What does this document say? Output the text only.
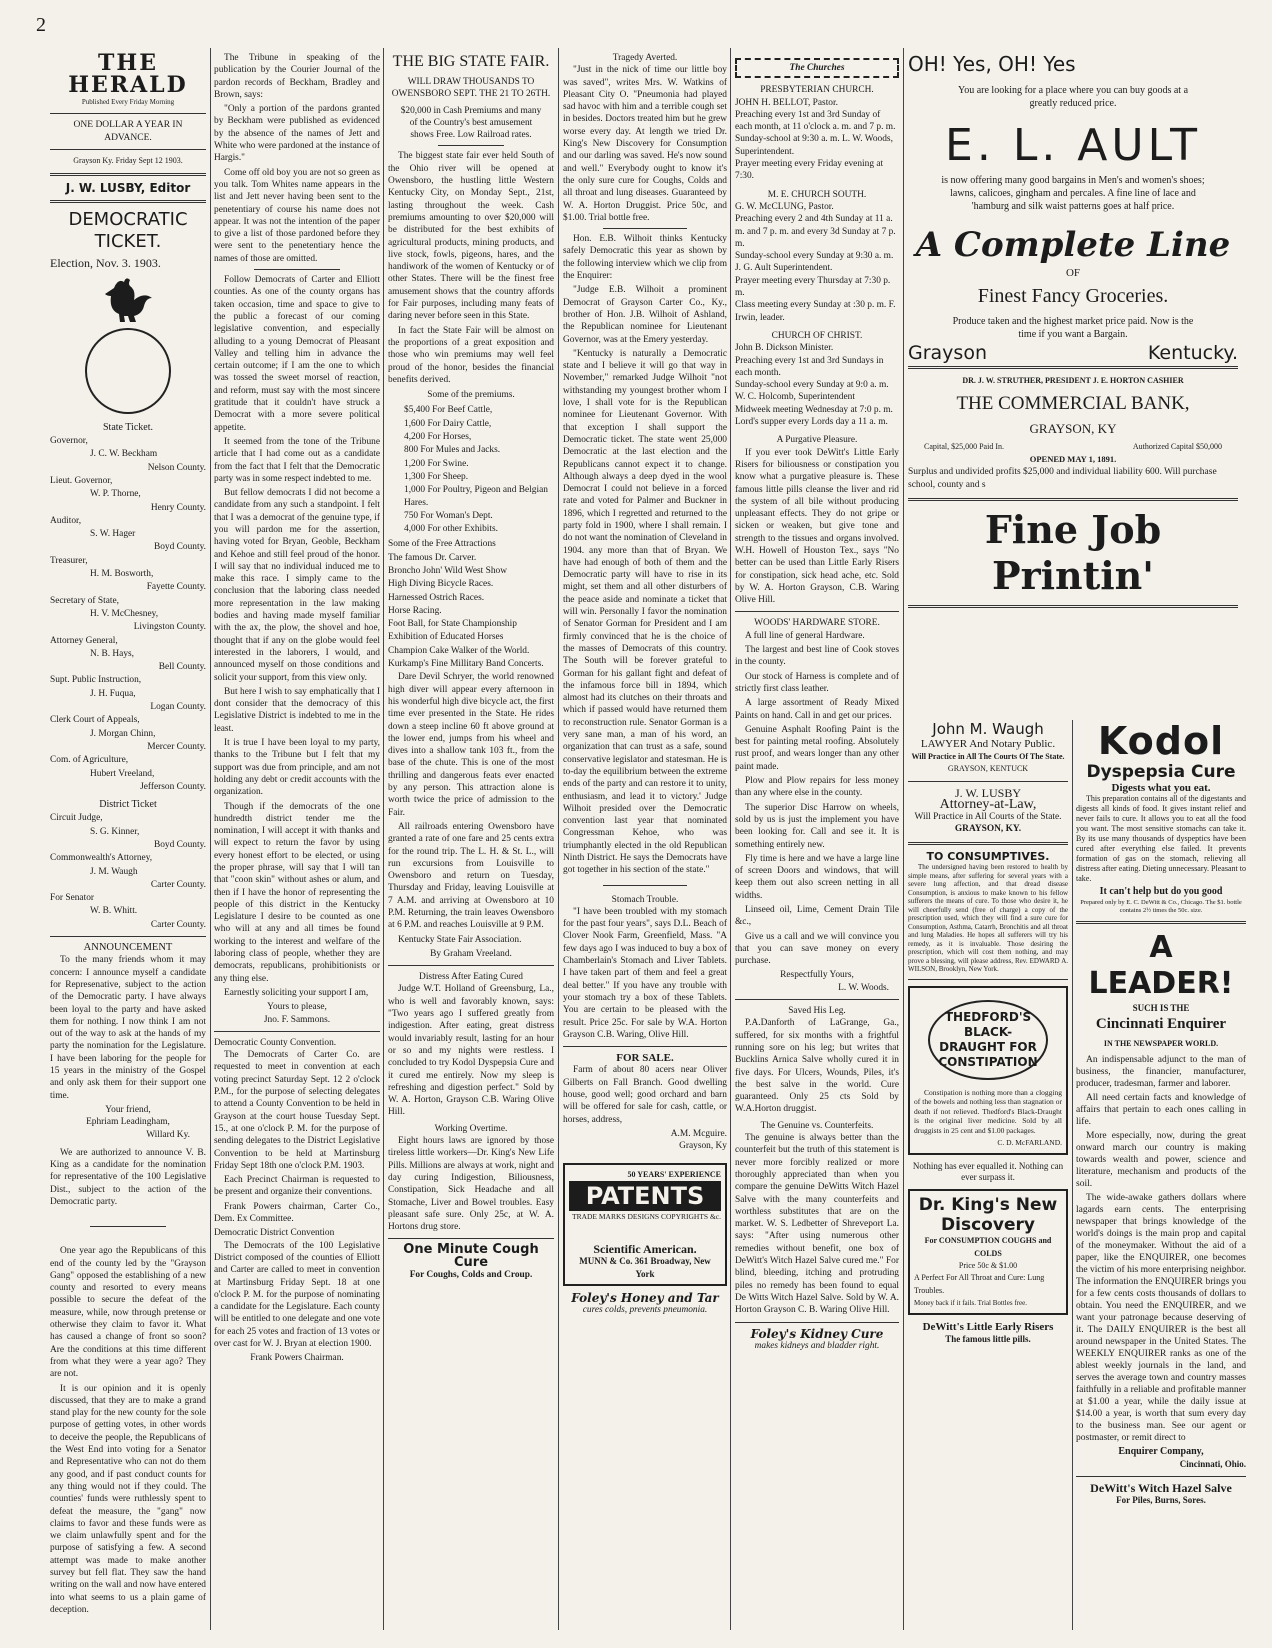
2
THE HERALD
Published Every Friday Morning
ONE DOLLAR A YEAR IN ADVANCE.
Grayson Ky. Friday Sept 12 1903.
J. W. LUSBY, Editor
DEMOCRATIC TICKET.
Election, Nov. 3. 1903.
State Ticket.
Governor,
J. C. W. Beckham
Nelson County.
Lieut. Governor,
W. P. Thorne,
Henry County.
Auditor,
S. W. Hager
Boyd County.
Treasurer,
H. M. Bosworth,
Fayette County.
Secretary of State,
H. V. McChesney,
Livingston County.
Attorney General,
N. B. Hays,
Bell County.
Supt. Public Instruction,
J. H. Fuqua,
Logan County.
Clerk Court of Appeals,
J. Morgan Chinn,
Mercer County.
Com. of Agriculture,
Hubert Vreeland,
Jefferson County.
District Ticket
Circuit Judge,
S. G. Kinner,
Boyd County.
Commonwealth's Attorney,
J. M. Waugh
Carter County.
For Senator
W. B. Whitt.
Carter County.
ANNOUNCEMENT

To the many friends whom it may concern: I announce myself a candidate for Represenative, subject to the action of the Democratic party. I have always been loyal to the party and have asked them for nothing. I now think I am not out of the way to ask at the hands of my party the nomination for the Legislature. I have been laboring for the people for 15 years in the ministry of the Gospel and only ask them for their support one time.

Your friend,
Ephriam Leadingham,
Willard Ky.

We are authorized to announce V. B. King as a candidate for the nomination for representative of the 100 Legislative Dist., subject to the action of the Democratic party.

One year ago the Republicans of this end of the county led by the "Grayson Gang" opposed the establishing of a new county and resorted to every means possible to secure the defeat of the measure, while, now through pretense or otherwise they claim to favor it. What has caused a change of front so soon? Are the conditions at this time different from what they were a year ago? They are not.

It is our opinion and it is openly discussed, that they are to make a grand stand play for the new county for the sole purpose of getting votes, in other words to deceive the people, the Republicans of the West End into voting for a Senator and Representative who can not do them any good, and if past conduct counts for any thing would not if they could. The counties' funds were ruthlessly spent to defeat the measure, the "gang" now claims to favor and these funds were as we claim unlawfully spent and for the purpose of satisfying a few. A second attempt was made to make another survey but fell flat. They saw the hand writing on the wall and now have entered into what seems to us a plain game of deception.

The Tribune in speaking of the publication by the Courier Journal of the pardon records of Beckham, Bradley and Brown, says:

"Only a portion of the pardons granted by Beckham were published as evidenced by the absence of the names of Jett and White who were pardoned at the instance of Hargis."

Come off old boy you are not so green as you talk. Tom Whites name appears in the list and Jett never having been sent to the penetentiary of course his name does not appear. It was not the intention of the paper to give a list of those pardoned before they were sent to the penetentiary hence the names of those are omitted.

Follow Democrats of Carter and Elliott counties. As one of the county organs has taken occasion, time and space to give to the public a forecast of our coming legislative convention, and especially alluding to a young Democrat of Pleasant Valley and telling him in advance the certain outcome; if I am the one to which was tossed the sweet morsel of reaction, and reform, must say with the most sincere gratitude that it couldn't have struck a Democrat with a more severe political appetite.

It seemed from the tone of the Tribune article that I had come out as a candidate from the fact that I felt that the Democratic party was in some respect indebted to me.

But fellow democrats I did not become a candidate from any such a standpoint. I felt that I was a democrat of the genuine type, if you will pardon me for the assertion, having voted for Bryan, Geoble, Beckham and Kehoe and still feel proud of the honor. I will say that no individual induced me to make this race. I simply came to the conclusion that the laboring class needed more representation in the law making bodies and having made myself familiar with the ax, the plow, the shovel and hoe, thought that if any on the globe would feel interested in the laborers, I would, and announced myself on those conditions and solicit your support, from this view only.

But here I wish to say emphatically that I dont consider that the democracy of this Legislative District is indebted to me in the least.

It is true I have been loyal to my party, thanks to the Tribune but I felt that my support was due from principle, and am not holding any debt or credit accounts with the organization.

Though if the democrats of the one hundredth district tender me the nomination, I will accept it with thanks and will expect to return the favor by using every honest effort to be elected, or using the proper phrase, will say that I will tan that "coon skin" without ashes or alum, and then if I have the honor of representing the people of this district in the Kentucky Legislature I desire to be counted as one who will at any and all times be found working to the interest and welfare of the laboring class of people, whether they are democrats, republicans, prohibitionists or any thing else.

Earnestly soliciting your support I am,

Yours to please,
Jno. F. Sammons.
Democratic County Convention.

The Democrats of Carter Co. are requested to meet in convention at each voting precinct Saturday Sept. 12 2 o'clock P.M., for the purpose of selecting delegates to attend a County Convention to be held in Grayson at the court house Tuesday Sept. 15., at one o'clock P. M. for the purpose of sending delegates to the District Legislative Convention to be held at Martinsburg Friday Sept 18th one o'clock P.M. 1903.

Each Precinct Chairman is requested to be present and organize their conventions.

Frank Powers chairman, Carter Co., Dem. Ex Committee.

Democratic District Convention

The Democrats of the 100 Legislative District composed of the counties of Elliott and Carter are called to meet in convention at Martinsburg Friday Sept. 18 at one o'clock P. M. for the purpose of nominating a candidate for the Legislature. Each county will be entitled to one delegate and one vote for each 25 votes and fraction of 13 votes or over cast for W. J. Bryan at election 1900.

Frank Powers Chairman.
THE BIG STATE FAIR.
WILL DRAW THOUSANDS TO OWENSBORO SEPT. THE 21 TO 26TH.
$20,000 in Cash Premiums and many of the Country's best amusement shows Free. Low Railroad rates.

The biggest state fair ever held South of the Ohio river will be opened at Owensboro, the hustling little Western Kentucky City, on Monday Sept., 21st, lasting throughout the week. Cash premiums amounting to over $20,000 will be distributed for the best exhibits of agricultural products, mining products, and live stock, fowls, pigeons, hares, and the handiwork of the women of Kentucky or of other States. There will be the finest free amusement shows that the country affords for Fair purposes, including many feats of daring never before seen in this State.

In fact the State Fair will be almost on the proportions of a great exposition and those who win premiums may well feel proud of the honor, besides the financial benefits derived.

Some of the premiums.
$5,400 For Beef Cattle,
1,600 For Dairy Cattle,
4,200 For Horses,
800 For Mules and Jacks.
1,200 For Swine.
1,300 For Sheep.
1,000 For Poultry, Pigeon and Belgian Hares.
750 For Woman's Dept.
4,000 For other Exhibits.
Some of the Free Attractions
The famous Dr. Carver.
Broncho John' Wild West Show
High Diving Bicycle Races.
Harnessed Ostrich Races.
Horse Racing.
Foot Ball, for State Championship
Exhibition of Educated Horses
Champion Cake Walker of the World.
Kurkamp's Fine Millitary Band Concerts.

Dare Devil Schryer, the world renowned high diver will appear every afternoon in his wonderful high dive bicycle act, the first time ever presented in the State. He rides down a steep incline 60 ft above ground at the lower end, jumps from his wheel and dives into a shallow tank 103 ft., from the base of the chute. This is one of the most thrilling and dangerous feats ever enacted by any person. This attraction alone is worth twice the price of admission to the Fair.

All railroads entering Owensboro have granted a rate of one fare and 25 cents extra for the round trip. The L. H. & St. L., will run excursions from Louisville to Owensboro and return on Tuesday, Thursday and Friday, leaving Louisville at 7 A.M. and arriving at Owensboro at 10 P.M. Returning, the train leaves Owensboro at 6 P.M. and reaches Louisville at 9 P.M.

Kentucky State Fair Association.

By Graham Vreeland.
Distress After Eating Cured

Judge W.T. Holland of Greensburg, La., who is well and favorably known, says: "Two years ago I suffered greatly from indigestion. After eating, great distress would invariably result, lasting for an hour or so and my nights were restless. I concluded to try Kodol Dyspepsia Cure and it cured me entirely. Now my sleep is refreshing and digestion perfect." Sold by W. A. Horton, Grayson C.B. Waring Olive Hill.

Working Overtime.

Eight hours laws are ignored by those tireless little workers—Dr. King's New Life Pills. Millions are always at work, night and day curing Indigestion, Biliousness, Constipation, Sick Headache and all Stomache, Liver and Bowel troubles. Easy pleasant safe sure. Only 25c, at W. A. Hortons drug store.

One Minute Cough Cure
For Coughs, Colds and Croup.
Tragedy Averted.

"Just in the nick of time our little boy was saved", writes Mrs. W. Watkins of Pleasant City O. "Pneumonia had played sad havoc with him and a terrible cough set in besides. Doctors treated him but he grew worse every day. At length we tried Dr. King's New Discovery for Consumption and our darling was saved. He's now sound and well." Everybody ought to know it's the only sure cure for Coughs, Colds and all throat and lung diseases. Guaranteed by W. A. Horton Druggist. Price 50c, and $1.00. Trial bottle free.

Hon. E.B. Wilhoit thinks Kentucky safely Democratic this year as shown by the following interview which we clip from the Enquirer:

"Judge E.B. Wilhoit a prominent Democrat of Grayson Carter Co., Ky., brother of Hon. J.B. Wilhoit of Ashland, the Republican nominee for Lieutenant Governor, was at the Emery yesterday.

"Kentucky is naturally a Democratic state and I believe it will go that way in November," remarked Judge Wilhoit "not withstanding my youngest brother whom I love, I shall vote for is the Republican nominee for Lieutenant Governor. With that exception I shall support the Democratic ticket. The state went 25,000 Democratic at the last election and the Republicans cannot expect it to change. Although always a deep dyed in the wool Democrat I could not believe in a forced rate and voted for Palmer and Buckner in 1896, which I regretted and returned to the party fold in 1900, where I shall remain. I do not want the nomination of Cleveland in 1904. any more than that of Bryan. We have had enough of both of them and the Democratic party will have to rise in its might, set them and all other disturbers of the peace aside and nominate a ticket that will win. Personally I favor the nomination of Senator Gorman for President and I am firmly convinced that he is the choice of the masses of Democrats of this country. The South will be forever grateful to Gorman for his gallant fight and defeat of the infamous force bill in 1894, which almost had its clutches on their throats and which if passed would have returned them to reconstruction rule. Senator Gorman is a very sane man, a man of his word, an organization that can trust as a safe, sound conservative legislator and statesman. He is to-day the equilibrium between the extreme ends of the party and can restore it to unity, enthusiasm, and lead it to victory.' Judge Wilhoit presided over the Democratic convention last year that nominated Congressman Kehoe, who was triumphantly elected in the old Republican Ninth District. He says the Democrats have got together in his section of the state."

Stomach Trouble.

"I have been troubled with my stomach for the past four years", says D.L. Beach of Clover Nook Farm, Greenfield, Mass. "A few days ago I was induced to buy a box of Chamberlain's Stomach and Liver Tablets. I have taken part of them and feel a great deal better." If you have any trouble with your stomach try a box of these Tablets. You are certain to be pleased with the result. Price 25c. For sale by W.A. Horton Grayson C.B. Waring, Olive Hill.

FOR SALE.

Farm of about 80 acers near Oliver Gilberts on Fall Branch. Good dwelling house, good well; good orchard and barn will be offered for sale for cash, cattle, or horses, address,

A.M. Mcguire.
Grayson, Ky
50 YEARS' EXPERIENCE
PATENTS
TRADE MARKS DESIGNS COPYRIGHTS &c.
Scientific American.
MUNN & Co. 361 Broadway, New York
Foley's Honey and Tar
cures colds, prevents pneumonia.
The Churches
PRESBYTERIAN CHURCH.
JOHN H. BELLOT, Pastor.
Preaching every 1st and 3rd Sunday of each month, at 11 o'clock a. m. and 7 p. m.
Sunday-school at 9:30 a. m. L. W. Woods, Superintendent.
Prayer meeting every Friday evening at 7:30.
M. E. CHURCH SOUTH.
G. W. McCLUNG, Pastor.
Preaching every 2 and 4th Sunday at 11 a. m. and 7 p. m. and every 3d Sunday at 7 p. m.
Sunday-school every Sunday at 9:30 a. m. J. G. Ault Superintendent.
Prayer meeting every Thursday at 7:30 p. m.
Class meeting every Sunday at :30 p. m. F. Irwin, leader.
CHURCH OF CHRIST.
John B. Dickson Minister.
Preaching every 1st and 3rd Sundays in each month.
Sunday-school every Sunday at 9:0 a. m. W. C. Holcomb, Superintendent
Midweek meeting Wednesday at 7:0 p. m.
Lord's supper every Lords day a 11 a. m.
A Purgative Pleasure.

If you ever took DeWitt's Little Early Risers for biliousness or constipation you know what a purgative pleasure is. These famous little pills cleanse the liver and rid the system of all bile without producing unpleasant effects. They do not gripe or sicken or weaken, but give tone and strength to the tissues and organs involved. W.H. Howell of Houston Tex., says "No better can be used than Little Early Risers for constipation, sick head ache, etc. Sold by W. A. Horton Grayson, C.B. Waring Olive Hill.

WOODS' HARDWARE STORE.

A full line of general Hardware.

The largest and best line of Cook stoves in the county.

Our stock of Harness is complete and of strictly first class leather.

A large assortment of Ready Mixed Paints on hand. Call in and get our prices.

Genuine Asphalt Roofing Paint is the best for painting metal roofing. Absolutely rust proof, and wears longer than any other paint made.

Plow and Plow repairs for less money than any where else in the county.

The superior Disc Harrow on wheels, sold by us is just the implement you have been looking for. Call and see it. It is something entirely new.

Fly time is here and we have a large line of screen Doors and windows, that will keep them out also screen netting in all widths.

Linseed oil, Lime, Cement Drain Tile &c.,

Give us a call and we will convince you that you can save money on every purchase.

Respectfully Yours,
L. W. Woods.
Saved His Leg.

P.A.Danforth of LaGrange, Ga., suffered, for six months with a frightful running sore on his leg; but writes that Bucklins Arnica Salve wholly cured it in five days. For Ulcers, Wounds, Piles, it's the best salve in the world. Cure guaranteed. Only 25 cts Sold by W.A.Horton druggist.

The Genuine vs. Counterfeits.

The genuine is always better than the counterfeit but the truth of this statement is never more forcibly realized or more thoroughly appreciated than when you compare the genuine DeWitts Witch Hazel Salve with the many counterfeits and worthless substitutes that are on the market. W. S. Ledbetter of Shreveport La. says: "After using numerous other remedies without benefit, one box of DeWitt's Witch Hazel Salve cured me." For blind, bleeding, itching and protruding piles no remedy has been found to equal De Witts Witch Hazel Salve. Sold by W. A. Horton Grayson C. B. Waring Olive Hill.

Foley's Kidney Cure
makes kidneys and bladder right.
OH! Yes, OH! Yes
You are looking for a place where you can buy goods at a greatly reduced price.
E. L. AULT
is now offering many good bargains in Men's and women's shoes; lawns, calicoes, gingham and percales. A fine line of lace and 'hamburg and silk waist patterns goes at half price.
A Complete Line
OF
Finest Fancy Groceries.
Produce taken and the highest market price paid. Now is the time if you want a Bargain.
Grayson	Kentucky.
DR. J. W. STRUTHER, PRESIDENT J. E. HORTON CASHIER
THE COMMERCIAL BANK,
GRAYSON, KY
Capital, $25,000 Paid In.	Authorized Capital $50,000
OPENED MAY 1, 1891.
Surplus and undivided profits $25,000 and individual liability 600. Will purchase school, county and s
Fine Job Printin'
John M. Waugh
LAWYER And Notary Public.
Will Practice in All The Courts Of The State.
GRAYSON, KENTUCK
J. W. LUSBY
Attorney-at-Law,
Will Practice in All Courts of the State.
GRAYSON, KY.
TO CONSUMPTIVES.

The undersigned having been restored to health by simple means, after suffering for several years with a severe lung affection, and that dread disease Consumption, is anxious to make known to his fellow sufferers the means of cure. To those who desire it, he will cheerfully send (free of charge) a copy of the prescription used, which they will find a sure cure for Consumption, Asthma, Catarrh, Bronchitis and all throat and lung Maladies. He hopes all sufferers will try his remedy, as it is invaluable. Those desiring the prescription, which will cost them nothing, and may prove a blessing, will please address, Rev. EDWARD A. WILSON, Brooklyn, New York.

THEDFORD'S BLACK-DRAUGHT FOR CONSTIPATION

Constipation is nothing more than a clogging of the bowels and nothing less than stagnation or death if not relieved. Thedford's Black-Draught is the original liver medicine. Sold by all druggists in 25 cent and $1.00 packages.

C. D. McFARLAND.
Nothing has ever equalled it. Nothing can ever surpass it.
Dr. King's New Discovery
For CONSUMPTION COUGHS and COLDS
Price 50c & $1.00
A Perfect For All Throat and Cure: Lung Troubles.
Money back if it fails. Trial Bottles free.
DeWitt's Little Early Risers
The famous little pills.
Kodol
Dyspepsia Cure
Digests what you eat.

This preparation contains all of the digestants and digests all kinds of food. It gives instant relief and never fails to cure. It allows you to eat all the food you want. The most sensitive stomachs can take it. By its use many thousands of dyspeptics have been cured after everything else failed. It prevents formation of gas on the stomach, relieving all distress after eating. Dieting unnecessary. Pleasant to take.

It can't help but do you good
Prepared only by E. C. DeWitt & Co., Chicago. The $1. bottle contains 2½ times the 50c. size.
A LEADER!
SUCH IS THE
Cincinnati Enquirer
IN THE NEWSPAPER WORLD.

An indispensable adjunct to the man of business, the financier, manufacturer, producer, tradesman, farmer and laborer.

All need certain facts and knowledge of affairs that pertain to each ones calling in life.

More especially, now, during the great onward march our country is making towards wealth and power, science and literature, mechanism and products of the soil.

The wide-awake gathers dollars where lagards earn cents. The enterprising newspaper that brings knowledge of the world's doings is the main prop and capital of the moneymaker. Without the aid of a paper, like the ENQUIRER, one becomes the victim of his more enterprising neighbor. The information the ENQUIRER brings you for a few cents costs thousands of dollars to obtain. You need the ENQUIRER, and we want your patronage because deserving of it. The DAILY ENQUIRER is the best all around newspaper in the United States. The WEEKLY ENQUIRER ranks as one of the ablest weekly journals in the land, and serves the average town and country masses faithfully in a reliable and profitable manner at $1.00 a year, while the daily issue at $14.00 a year, is worth that sum every day to the business man. See our agent or postmaster, or remit direct to

Enquirer Company,
Cincinnati, Ohio.
DeWitt's Witch Hazel Salve
For Piles, Burns, Sores.
